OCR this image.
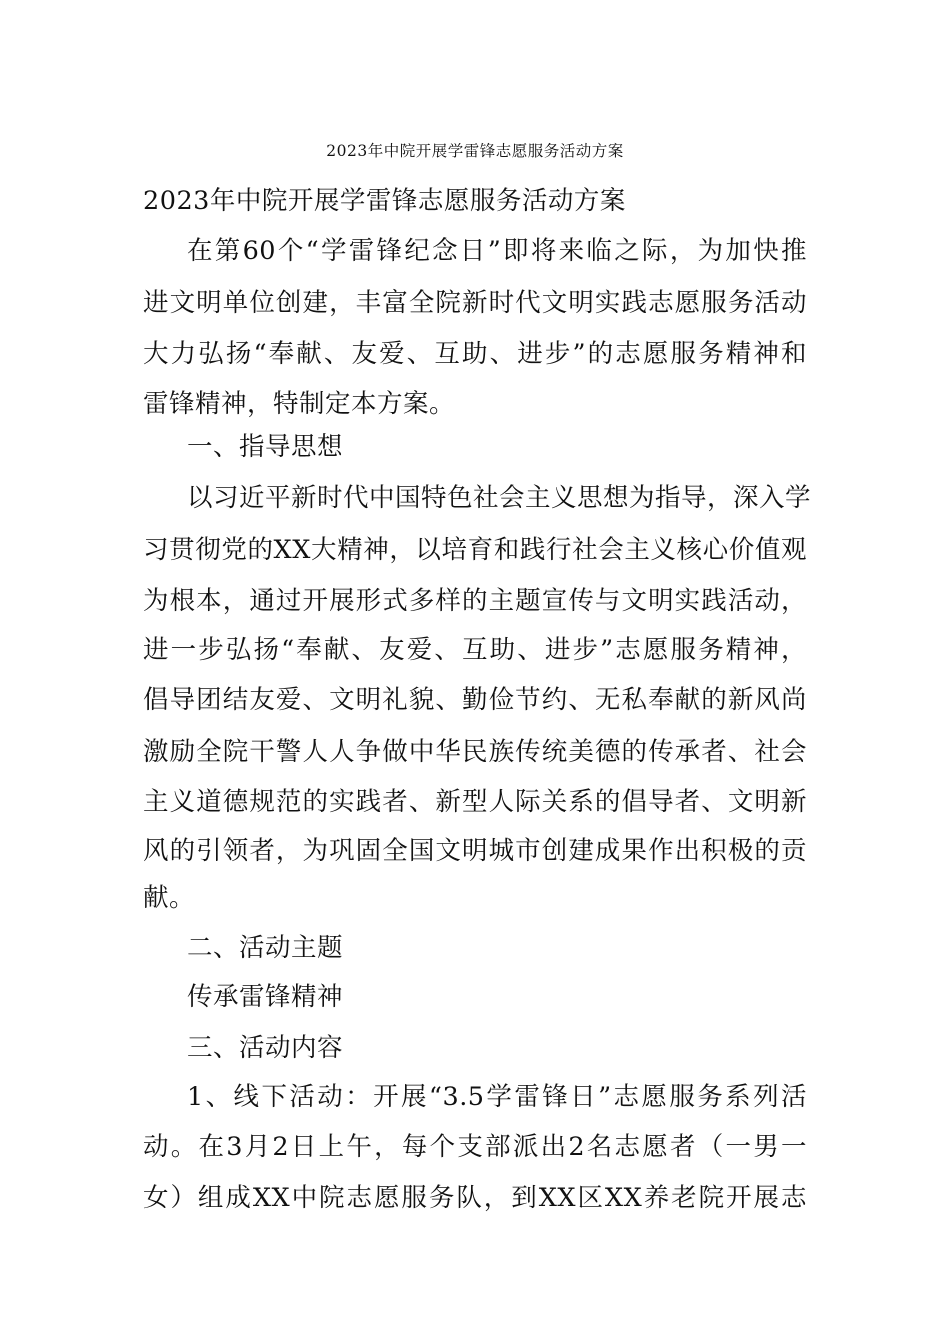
2023年中院开展学雷锋志愿服务活动方案
2023年中院开展学雷锋志愿服务活动方案
在第60个“学雷锋纪念日”即将来临之际，为加快推
进文明单位创建，丰富全院新时代文明实践志愿服务活动
大力弘扬“奉献、友爱、互助、进步”的志愿服务精神和
雷锋精神，特制定本方案。
一、指导思想
以习近平新时代中国特色社会主义思想为指导，深入学
习贯彻党的XX大精神，以培育和践行社会主义核心价值观
为根本，通过开展形式多样的主题宣传与文明实践活动，
进一步弘扬“奉献、友爱、互助、进步”志愿服务精神，
倡导团结友爱、文明礼貌、勤俭节约、无私奉献的新风尚
激励全院干警人人争做中华民族传统美德的传承者、社会
主义道德规范的实践者、新型人际关系的倡导者、文明新
风的引领者，为巩固全国文明城市创建成果作出积极的贡
献。
二、活动主题
传承雷锋精神
三、活动内容
1、线下活动：开展“3.5学雷锋日”志愿服务系列活
动。在3月2日上午，每个支部派出2名志愿者（一男一
女）组成XX中院志愿服务队，到XX区XX养老院开展志
